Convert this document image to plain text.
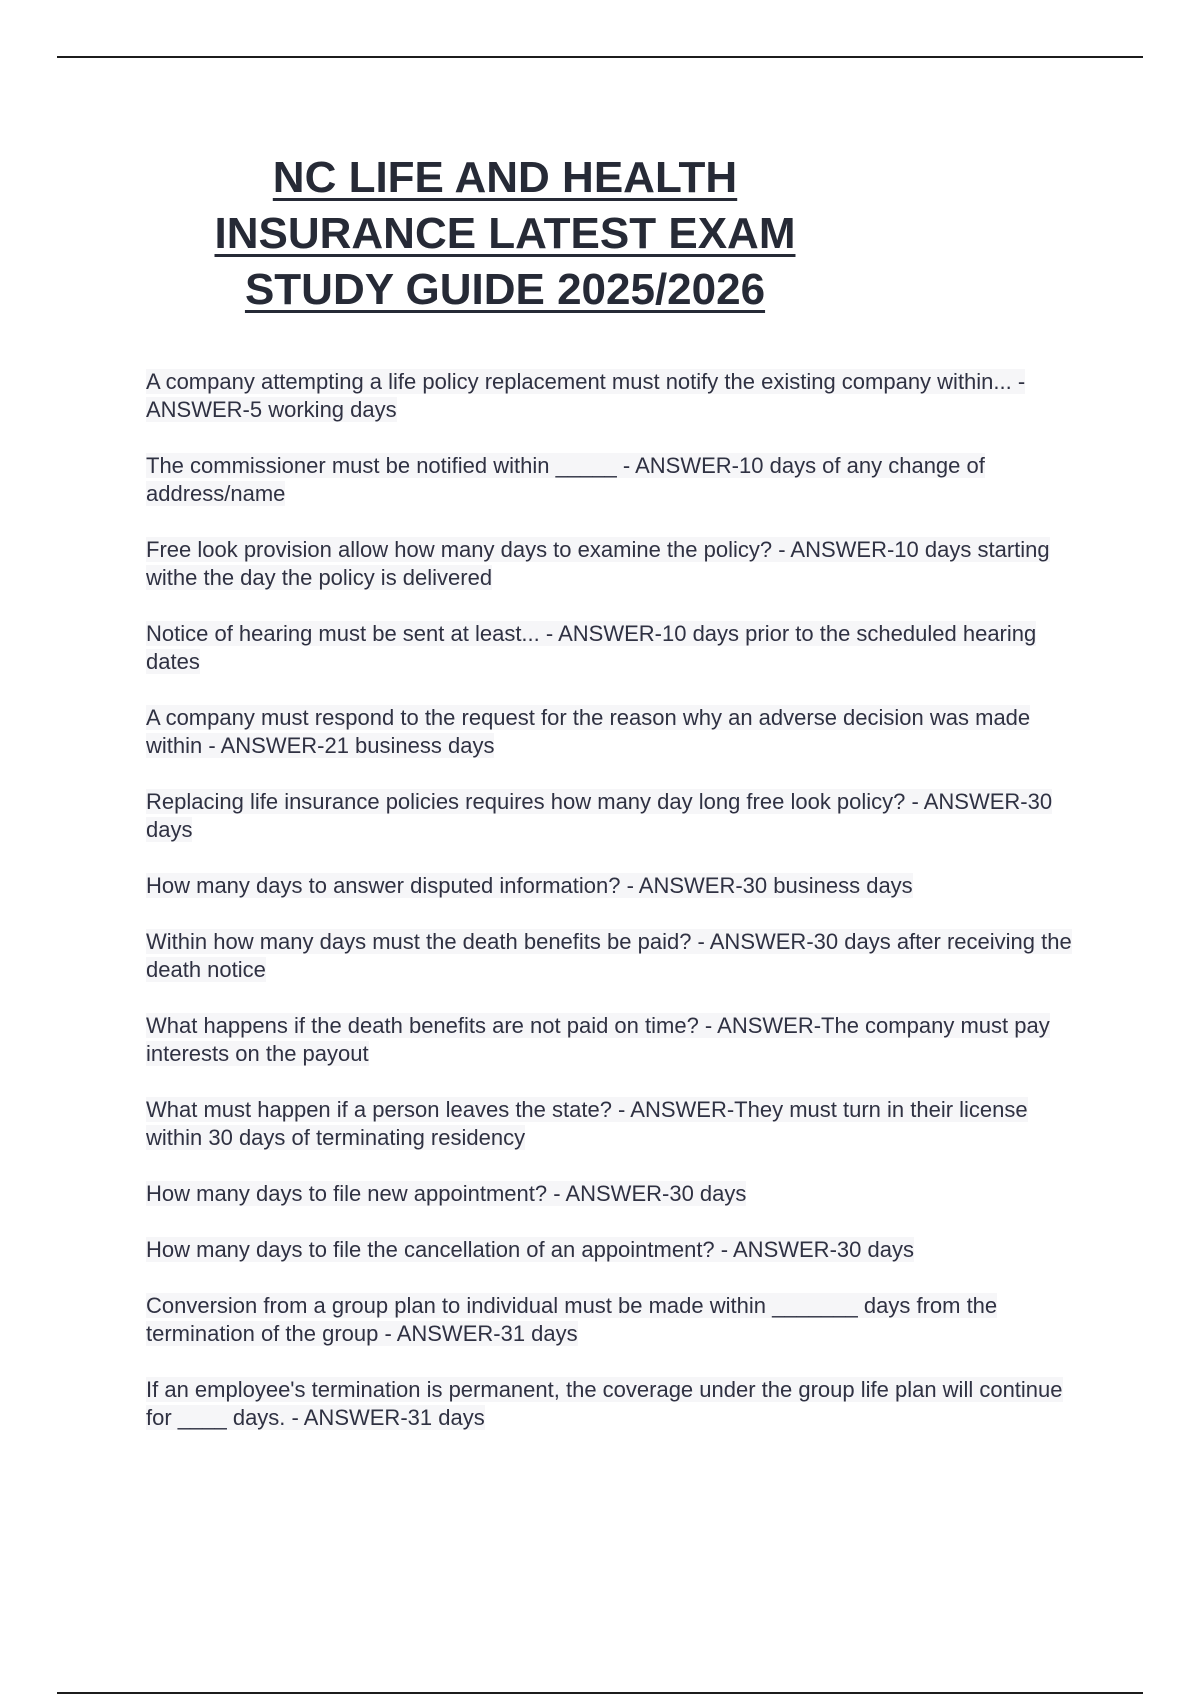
NC LIFE AND HEALTH
INSURANCE LATEST EXAM
STUDY GUIDE 2025/2026
A company attempting a life policy replacement must notify the existing company within... - ANSWER-5 working days
The commissioner must be notified within _____ - ANSWER-10 days of any change of address/name
Free look provision allow how many days to examine the policy? - ANSWER-10 days starting withe the day the policy is delivered
Notice of hearing must be sent at least... - ANSWER-10 days prior to the scheduled hearing dates
A company must respond to the request for the reason why an adverse decision was made within - ANSWER-21 business days
Replacing life insurance policies requires how many day long free look policy? - ANSWER-30 days
How many days to answer disputed information? - ANSWER-30 business days
Within how many days must the death benefits be paid? - ANSWER-30 days after receiving the death notice
What happens if the death benefits are not paid on time? - ANSWER-The company must pay interests on the payout
What must happen if a person leaves the state? - ANSWER-They must turn in their license within 30 days of terminating residency
How many days to file new appointment? - ANSWER-30 days
How many days to file the cancellation of an appointment? - ANSWER-30 days
Conversion from a group plan to individual must be made within _______ days from the termination of the group - ANSWER-31 days
If an employee's termination is permanent, the coverage under the group life plan will continue for ____ days. - ANSWER-31 days
